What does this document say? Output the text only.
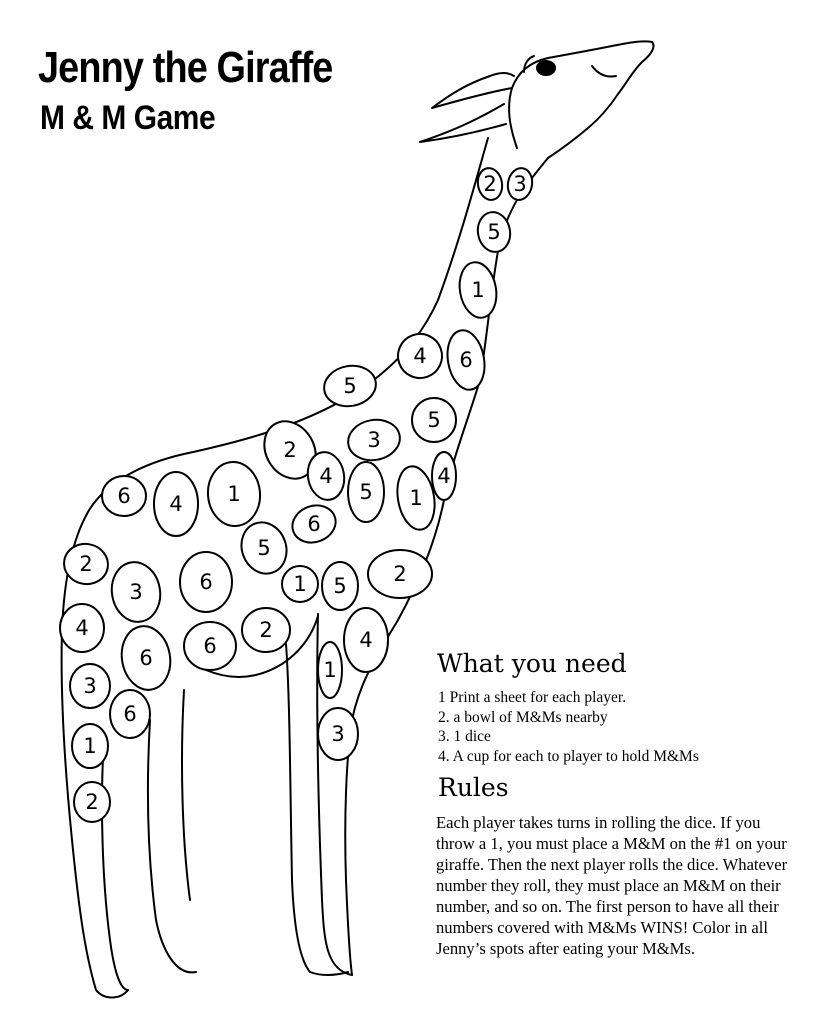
2 3
5
1
4 6
5
5
3
2
4
5 1
4
6 4 1
6
5
2
3	6	2
4
1 5
6	1
4
6
2
3
6
1	3
2
Jenny the Giraffe
M & M Game
What you need
1 Print a sheet for each player.
2. a bowl of M&Ms nearby
3. 1 dice
4. A cup for each to player to hold M&Ms
Rules

Each player takes turns in rolling the dice. If you throw a 1, you must place a M&M on the #1 on your giraffe. Then the next player rolls the dice. Whatever number they roll, they must place an M&M on their number, and so on. The first person to have all their numbers covered with M&Ms WINS! Color in all Jenny’s spots after eating your M&Ms.
